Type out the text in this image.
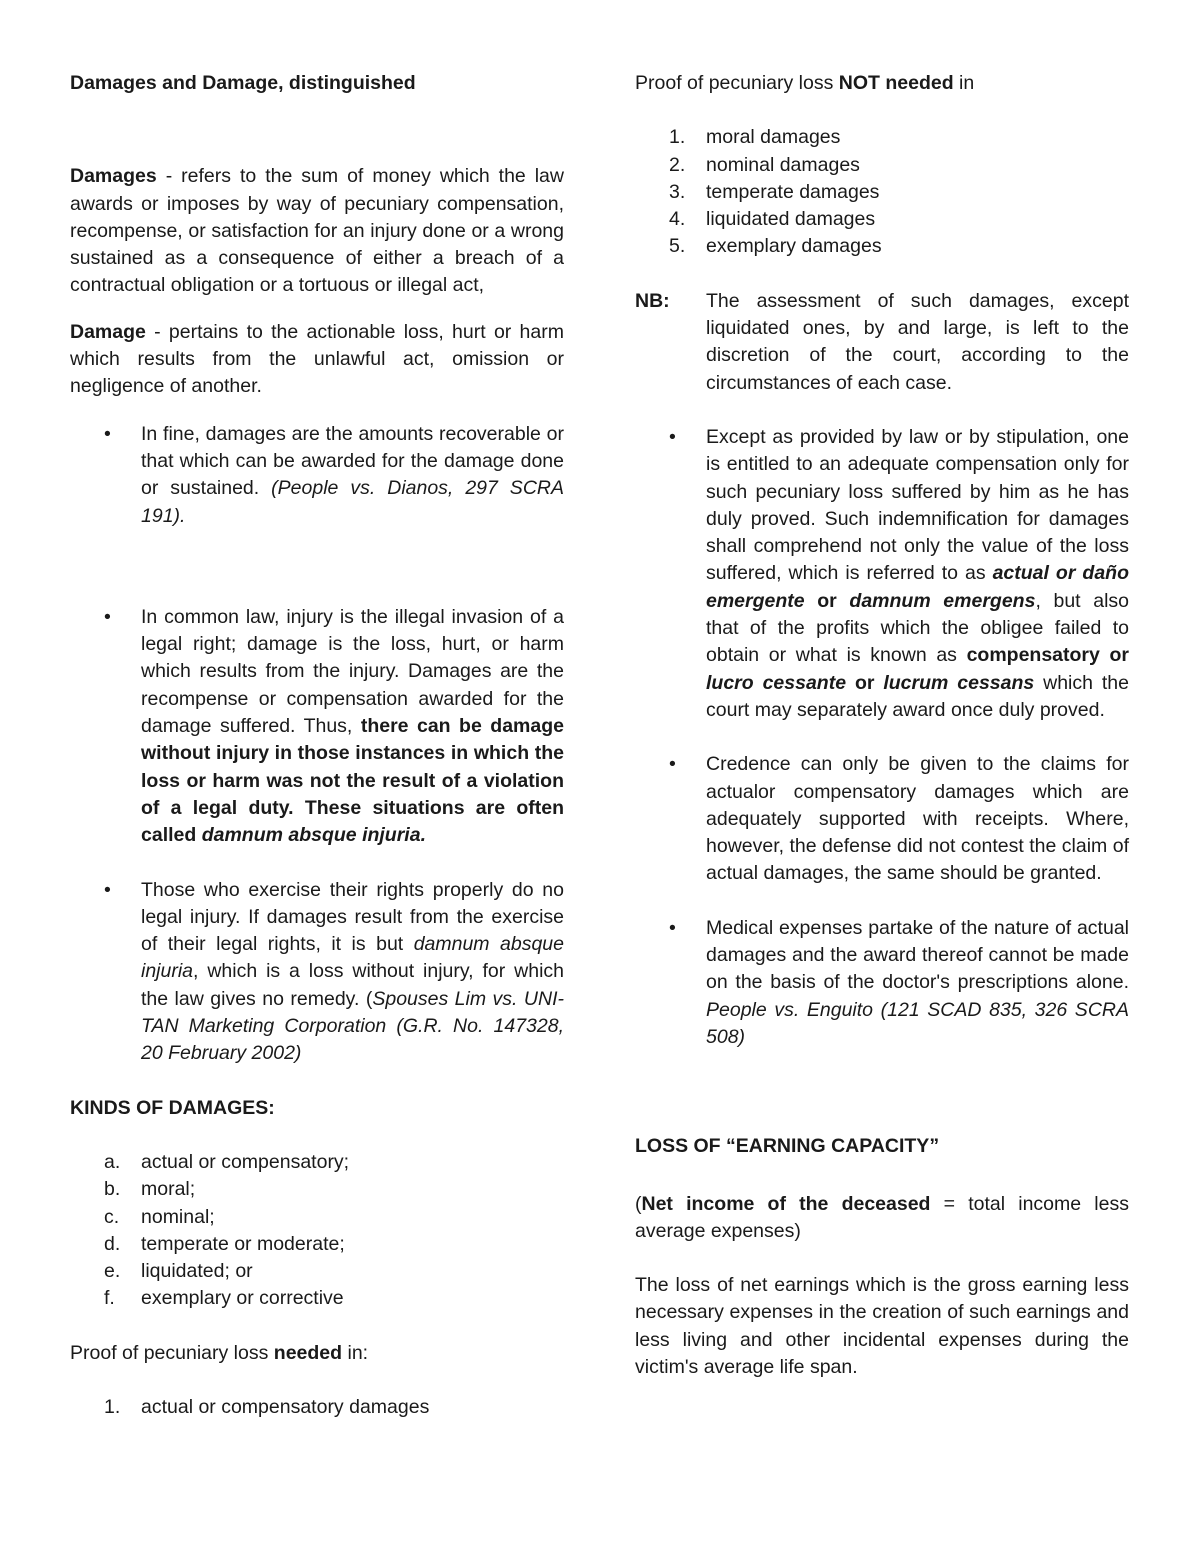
Damages and Damage, distinguished

Damages - refers to the sum of money which the law awards or imposes by way of pecuniary compensation, recompense, or satisfaction for an injury done or a wrong sustained as a consequence of either a breach of a contractual obligation or a tortuous or illegal act,

Damage - pertains to the actionable loss, hurt or harm which results from the unlawful act, omission or negligence of another.

• In fine, damages are the amounts recoverable or that which can be awarded for the damage done or sustained. (People vs. Dianos, 297 SCRA 191).
• In common law, injury is the illegal invasion of a legal right; damage is the loss, hurt, or harm which results from the injury. Damages are the recompense or compensation awarded for the damage suffered. Thus, there can be damage without injury in those instances in which the loss or harm was not the result of a violation of a legal duty. These situations are often called damnum absque injuria.
• Those who exercise their rights properly do no legal injury. If damages result from the exercise of their legal rights, it is but damnum absque injuria, which is a loss without injury, for which the law gives no remedy. (Spouses Lim vs. UNI-TAN Marketing Corporation (G.R. No. 147328, 20 February 2002)

KINDS OF DAMAGES:

a. actual or compensatory;
b. moral;
c. nominal;
d. temperate or moderate;
e. liquidated; or
f. exemplary or corrective

Proof of pecuniary loss needed in:

1. actual or compensatory damages

Proof of pecuniary loss NOT needed in

1. moral damages
2. nominal damages
3. temperate damages
4. liquidated damages
5. exemplary damages
NB: The assessment of such damages, except liquidated ones, by and large, is left to the discretion of the court, according to the circumstances of each case.
• Except as provided by law or by stipulation, one is entitled to an adequate compensation only for such pecuniary loss suffered by him as he has duly proved. Such indemnification for damages shall comprehend not only the value of the loss suffered, which is referred to as actual or daño emergente or damnum emergens, but also that of the profits which the obligee failed to obtain or what is known as compensatory or lucro cessante or lucrum cessans which the court may separately award once duly proved.
• Credence can only be given to the claims for actualor compensatory damages which are adequately supported with receipts. Where, however, the defense did not contest the claim of actual damages, the same should be granted.
• Medical expenses partake of the nature of actual damages and the award thereof cannot be made on the basis of the doctor's prescriptions alone. People vs. Enguito (121 SCAD 835, 326 SCRA 508)

LOSS OF “EARNING CAPACITY”

(Net income of the deceased = total income less average expenses)

The loss of net earnings which is the gross earning less necessary expenses in the creation of such earnings and less living and other incidental expenses during the victim's average life span.
